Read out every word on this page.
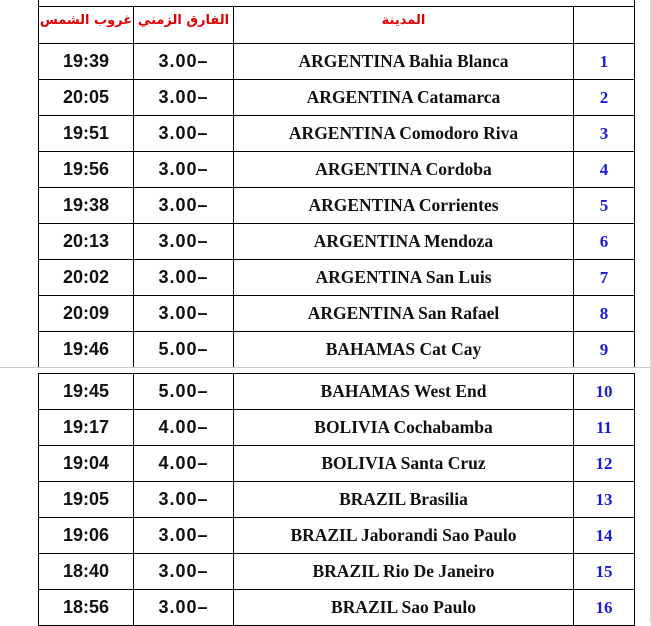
غروب الشمس	الفارق الزمني	المدينة	
19:39	3.00–	ARGENTINA Bahia Blanca	1
20:05	3.00–	ARGENTINA Catamarca	2
19:51	3.00–	ARGENTINA Comodoro Riva	3
19:56	3.00–	ARGENTINA Cordoba	4
19:38	3.00–	ARGENTINA Corrientes	5
20:13	3.00–	ARGENTINA Mendoza	6
20:02	3.00–	ARGENTINA San Luis	7
20:09	3.00–	ARGENTINA San Rafael	8
19:46	5.00–	BAHAMAS Cat Cay	9
19:45	5.00–	BAHAMAS West End	10
19:17	4.00–	BOLIVIA Cochabamba	11
19:04	4.00–	BOLIVIA Santa Cruz	12
19:05	3.00–	BRAZIL Brasilia	13
19:06	3.00–	BRAZIL Jaborandi Sao Paulo	14
18:40	3.00–	BRAZIL Rio De Janeiro	15
18:56	3.00–	BRAZIL Sao Paulo	16
